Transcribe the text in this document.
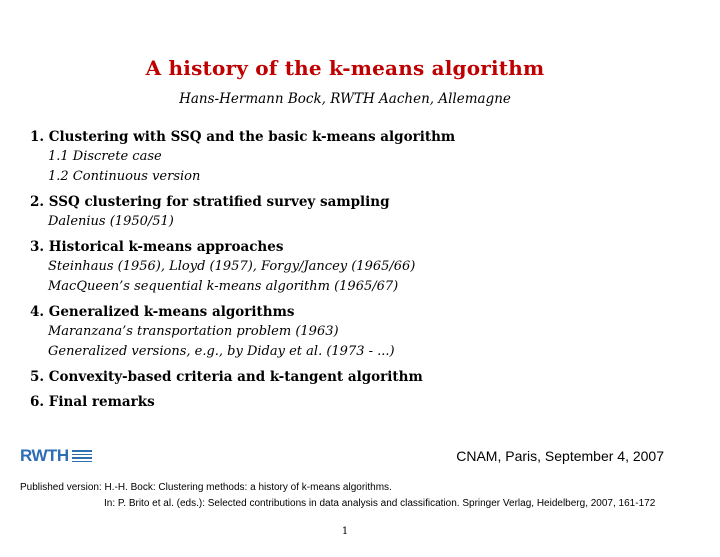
A history of the k-means algorithm
Hans-Hermann Bock, RWTH Aachen, Allemagne
1. Clustering with SSQ and the basic k-means algorithm
1.1 Discrete case
1.2 Continuous version
2. SSQ clustering for stratified survey sampling
Dalenius (1950/51)
3. Historical k-means approaches
Steinhaus (1956), Lloyd (1957), Forgy/Jancey (1965/66)
MacQueen’s sequential k-means algorithm (1965/67)
4. Generalized k-means algorithms
Maranzana’s transportation problem (1963)
Generalized versions, e.g., by Diday et al. (1973 - ...)
5. Convexity-based criteria and k-tangent algorithm
6. Final remarks
RWTH	CNAM, Paris, September 4, 2007
Published version: H.-H. Bock: Clustering methods: a history of k-means algorithms.
In: P. Brito et al. (eds.): Selected contributions in data analysis and classification. Springer Verlag, Heidelberg, 2007, 161-172
1
